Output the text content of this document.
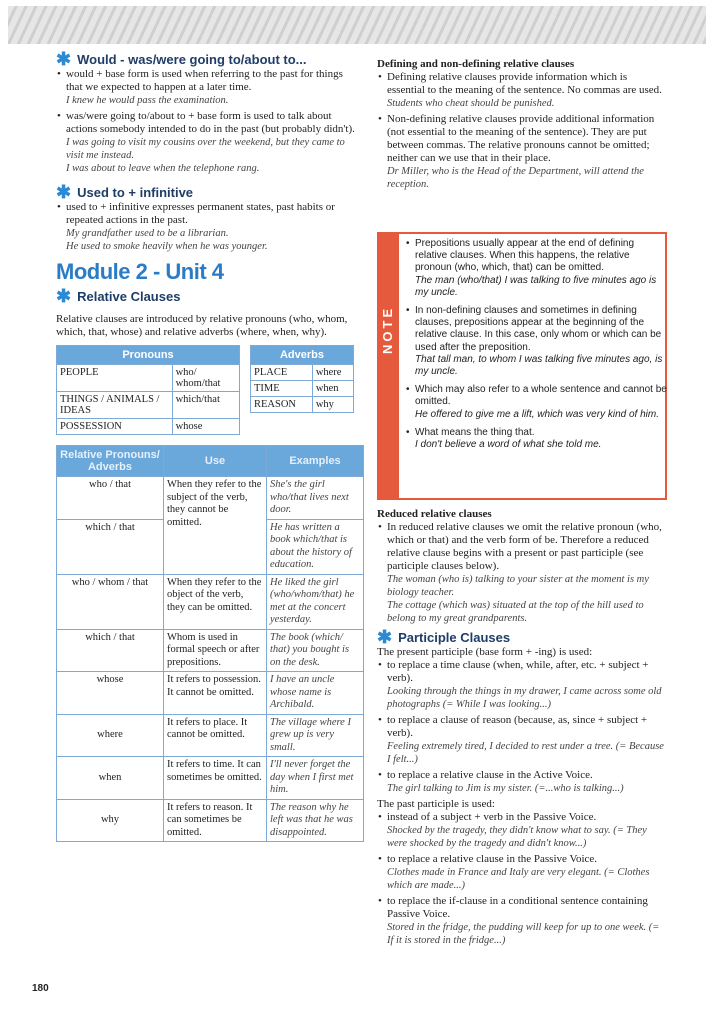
✱ Would - was/were going to/about to...

• would + base form is used when referring to the past for things that we expected to happen at a later time.
I knew he would pass the examination.
• was/were going to/about to + base form is used to talk about actions somebody intended to do in the past (but probably didn't).
I was going to visit my cousins over the weekend, but they came to visit me instead.
I was about to leave when the telephone rang.

✱ Used to + infinitive

• used to + infinitive expresses permanent states, past habits or repeated actions in the past.
My grandfather used to be a librarian.
He used to smoke heavily when he was younger.
Module 2 - Unit 4

✱ Relative Clauses

Relative clauses are introduced by relative pronouns (who, whom, which, that, whose) and relative adverbs (where, when, why).

Pronouns	
PEOPLE	who/ whom/that
THINGS / ANIMALS / IDEAS	which/that
POSSESSION	whose
Adverbs	
PLACE	where
TIME	when
REASON	why
Relative Pronouns/ Adverbs	Use	Examples
who / that	When they refer to the subject of the verb, they cannot be omitted.	She's the girl who/that lives next door.
which / that		He has written a book which/that is about the history of education.
who / whom / that	When they refer to the object of the verb, they can be omitted.	He liked the girl (who/whom/that) he met at the concert yesterday.
which / that	Whom is used in formal speech or after prepositions.	The book (which/ that) you bought is on the desk.
whose	It refers to possession. It cannot be omitted.	I have an uncle whose name is Archibald.
where	It refers to place. It cannot be omitted.	The village where I grew up is very small.
when	It refers to time. It can sometimes be omitted.	I'll never forget the day when I first met him.
why	It refers to reason. It can sometimes be omitted.	The reason why he left was that he was disappointed.

Defining and non-defining relative clauses

• Defining relative clauses provide information which is essential to the meaning of the sentence. No commas are used.
Students who cheat should be punished.
• Non-defining relative clauses provide additional information (not essential to the meaning of the sentence). They are put between commas. The relative pronouns cannot be omitted; neither can we use that in their place.
Dr Miller, who is the Head of the Department, will attend the reception.
NOTE
• Prepositions usually appear at the end of defining relative clauses. When this happens, the relative pronoun (who, which, that) can be omitted.
The man (who/that) I was talking to five minutes ago is my uncle.
• In non-defining clauses and sometimes in defining clauses, prepositions appear at the beginning of the relative clause. In this case, only whom or which can be used after the preposition.
That tall man, to whom I was talking five minutes ago, is my uncle.
• Which may also refer to a whole sentence and cannot be omitted.
He offered to give me a lift, which was very kind of him.
• What means the thing that.
I don't believe a word of what she told me.

Reduced relative clauses

• In reduced relative clauses we omit the relative pronoun (who, which or that) and the verb form of be. Therefore a reduced relative clause begins with a present or past participle (see participle clauses below).
The woman (who is) talking to your sister at the moment is my biology teacher.
The cottage (which was) situated at the top of the hill used to belong to my great grandparents.

✱ Participle Clauses

The present participle (base form + -ing) is used:

• to replace a time clause (when, while, after, etc. + subject + verb).
Looking through the things in my drawer, I came across some old photographs (= While I was looking...)
• to replace a clause of reason (because, as, since + subject + verb).
Feeling extremely tired, I decided to rest under a tree. (= Because I felt...)
• to replace a relative clause in the Active Voice.
The girl talking to Jim is my sister. (=...who is talking...)

The past participle is used:

• instead of a subject + verb in the Passive Voice.
Shocked by the tragedy, they didn't know what to say. (= They were shocked by the tragedy and didn't know...)
• to replace a relative clause in the Passive Voice.
Clothes made in France and Italy are very elegant. (= Clothes which are made...)
• to replace the if-clause in a conditional sentence containing Passive Voice.
Stored in the fridge, the pudding will keep for up to one week. (= If it is stored in the fridge...)
180
